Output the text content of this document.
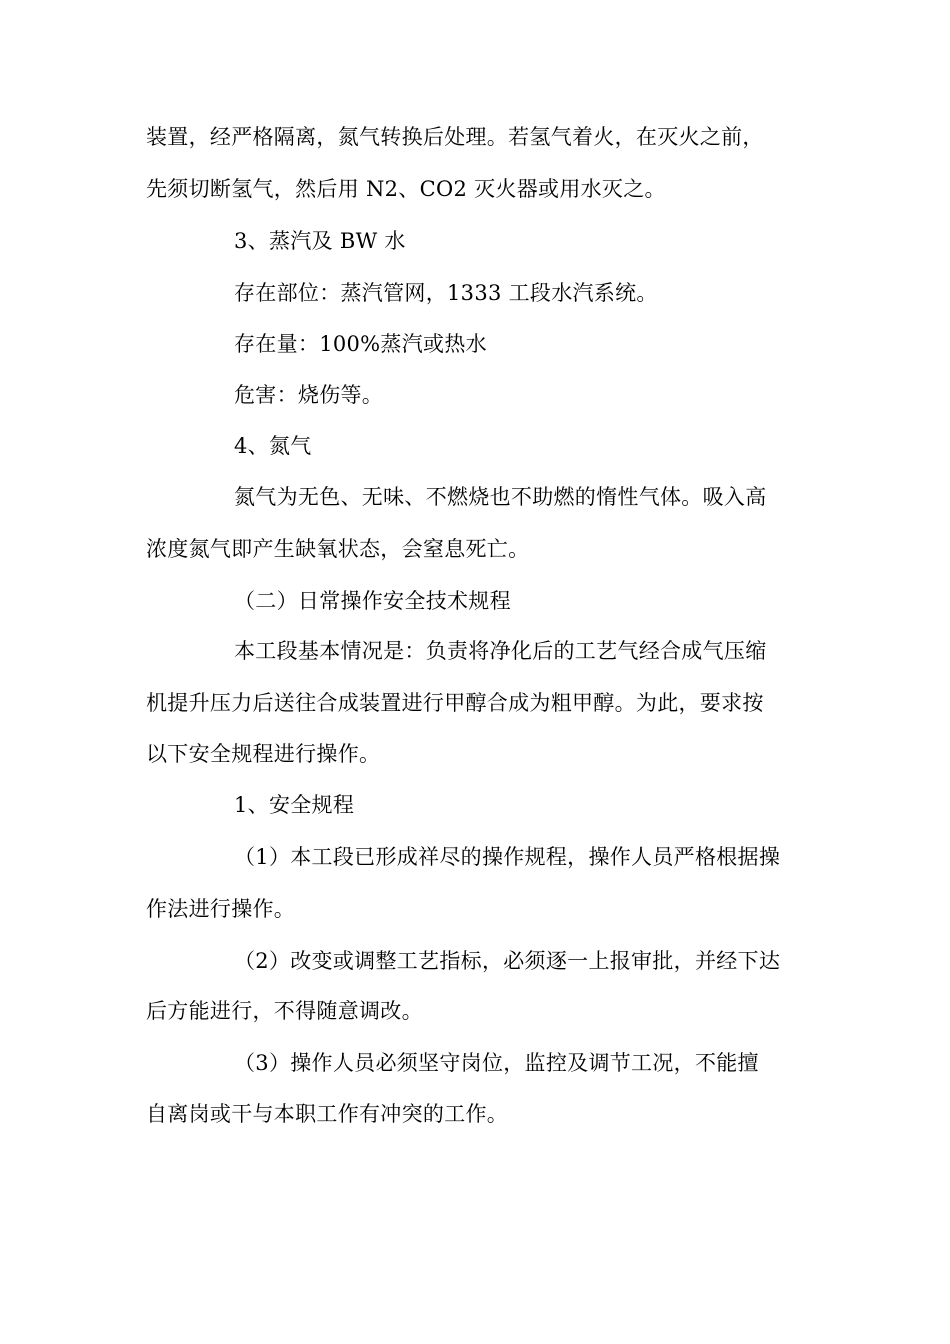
装置，经严格隔离，氮气转换后处理。若氢气着火，在灭火之前，
先须切断氢气，然后用 N2、CO2 灭火器或用水灭之。
3、蒸汽及 BW 水
存在部位：蒸汽管网，1333 工段水汽系统。
存在量：100%蒸汽或热水
危害：烧伤等。
4、氮气
氮气为无色、无味、不燃烧也不助燃的惰性气体。吸入高
浓度氮气即产生缺氧状态，会窒息死亡。
（二）日常操作安全技术规程
本工段基本情况是：负责将净化后的工艺气经合成气压缩
机提升压力后送往合成装置进行甲醇合成为粗甲醇。为此，要求按
以下安全规程进行操作。
1、安全规程
（1）本工段已形成祥尽的操作规程，操作人员严格根据操
作法进行操作。
（2）改变或调整工艺指标，必须逐一上报审批，并经下达
后方能进行，不得随意调改。
（3）操作人员必须坚守岗位，监控及调节工况，不能擅
自离岗或干与本职工作有冲突的工作。
